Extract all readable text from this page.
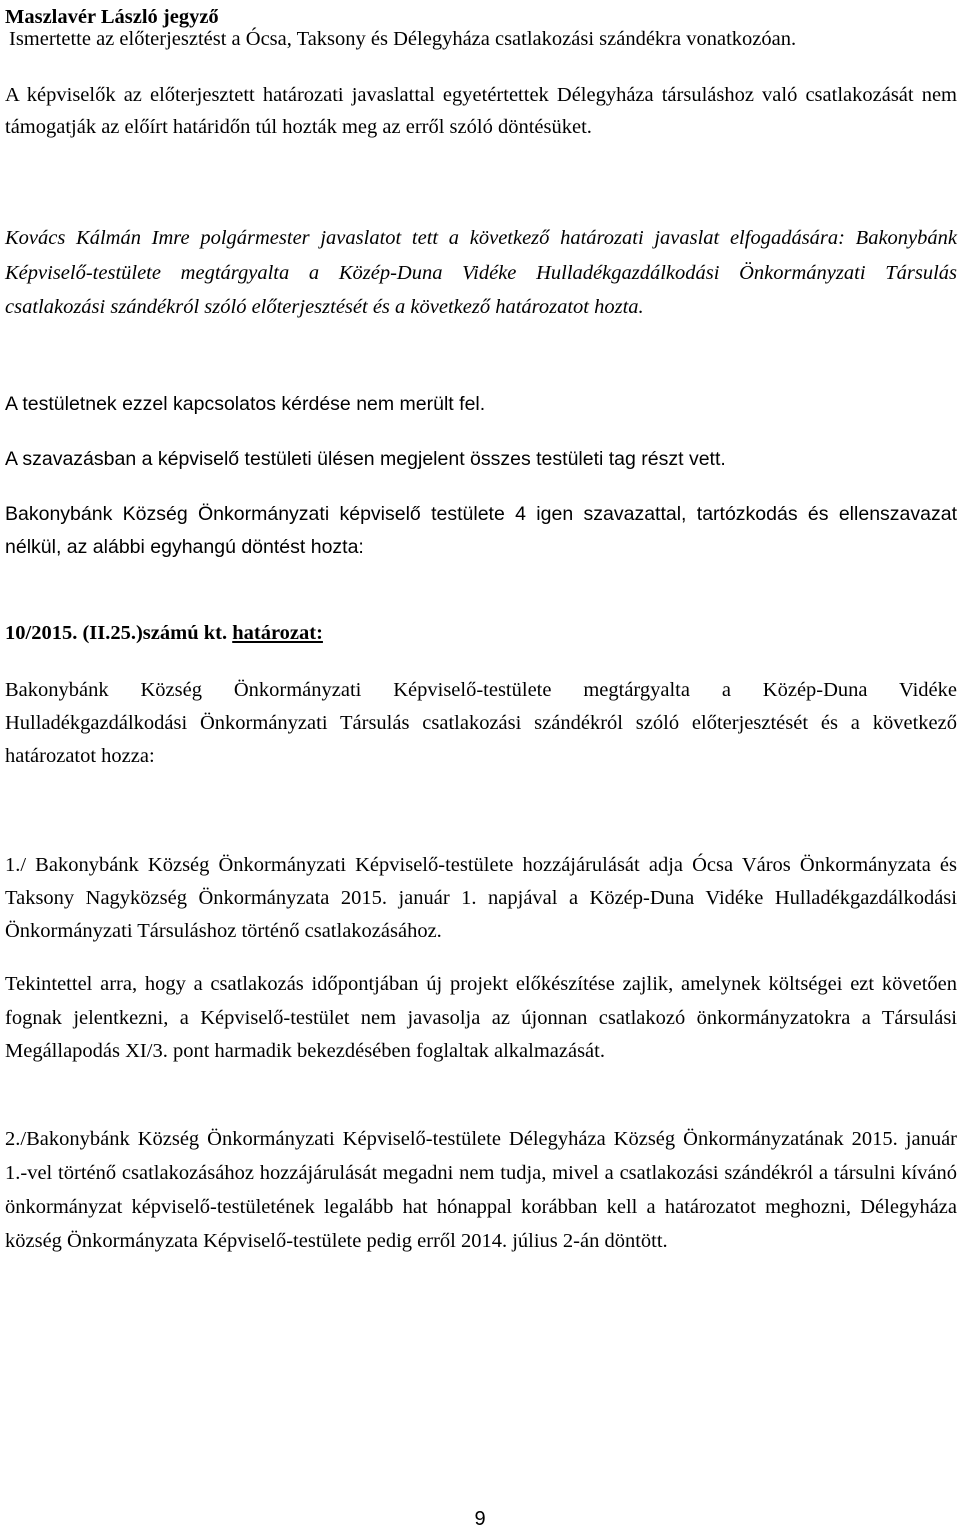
Maszlavér László jegyző

Ismertette az előterjesztést a Ócsa, Taksony és Délegyháza csatlakozási szándékra vonatkozóan.

A képviselők az előterjesztett határozati javaslattal egyetértettek Délegyháza társuláshoz való csatlakozását nem támogatják az előírt határidőn túl hozták meg az erről szóló döntésüket.

Kovács Kálmán Imre polgármester javaslatot tett a következő határozati javaslat elfogadására: Bakonybánk Képviselő-testülete megtárgyalta a Közép-Duna Vidéke Hulladékgazdálkodási Önkormányzati Társulás csatlakozási szándékról szóló előterjesztését és a következő határozatot hozta.

A testületnek ezzel kapcsolatos kérdése nem merült fel.

A szavazásban a képviselő testületi ülésen megjelent összes testületi tag részt vett.

Bakonybánk Község Önkormányzati képviselő testülete 4 igen szavazattal, tartózkodás és ellenszavazat nélkül, az alábbi egyhangú döntést hozta:

10/2015. (II.25.)számú kt. határozat:

Bakonybánk Község Önkormányzati Képviselő-testülete megtárgyalta a Közép-Duna Vidéke Hulladékgazdálkodási Önkormányzati Társulás csatlakozási szándékról szóló előterjesztését és a következő határozatot hozza:

1./ Bakonybánk Község Önkormányzati Képviselő-testülete hozzájárulását adja Ócsa Város Önkormányzata és Taksony Nagyközség Önkormányzata 2015. január 1. napjával a Közép-Duna Vidéke Hulladékgazdálkodási Önkormányzati Társuláshoz történő csatlakozásához.

Tekintettel arra, hogy a csatlakozás időpontjában új projekt előkészítése zajlik, amelynek költségei ezt követően fognak jelentkezni, a Képviselő-testület nem javasolja az újonnan csatlakozó önkormányzatokra a Társulási Megállapodás XI/3. pont harmadik bekezdésében foglaltak alkalmazását.

2./Bakonybánk Község Önkormányzati Képviselő-testülete Délegyháza Község Önkormányzatának 2015. január 1.-vel történő csatlakozásához hozzájárulását megadni nem tudja, mivel a csatlakozási szándékról a társulni kívánó önkormányzat képviselő-testületének legalább hat hónappal korábban kell a határozatot meghozni, Délegyháza község Önkormányzata Képviselő-testülete pedig erről 2014. július 2-án döntött.

9
